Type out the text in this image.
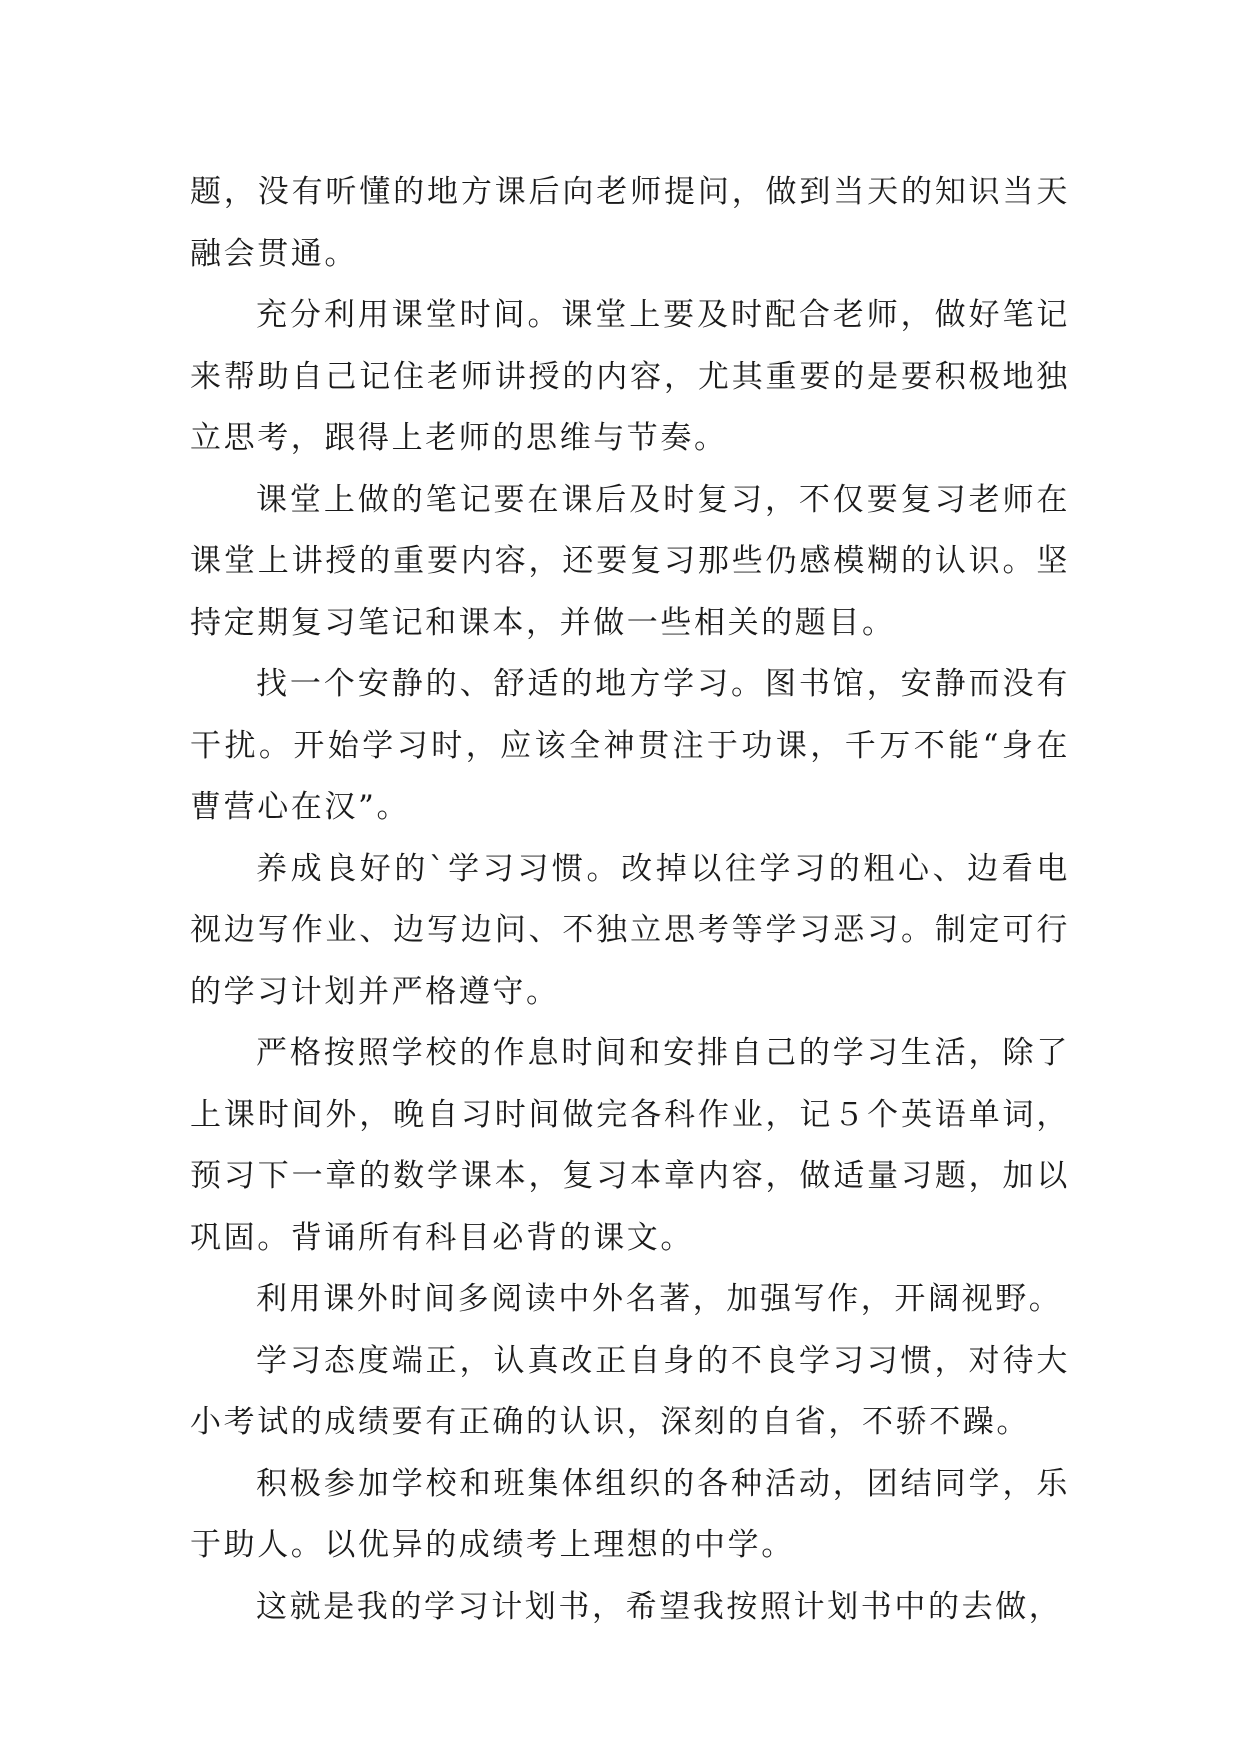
题，没有听懂的地方课后向老师提问，做到当天的知识当天融会贯通。

充分利用课堂时间。课堂上要及时配合老师，做好笔记来帮助自己记住老师讲授的内容，尤其重要的是要积极地独立思考，跟得上老师的思维与节奏。

课堂上做的笔记要在课后及时复习，不仅要复习老师在课堂上讲授的重要内容，还要复习那些仍感模糊的认识。坚持定期复习笔记和课本，并做一些相关的题目。

找一个安静的、舒适的地方学习。图书馆，安静而没有干扰。开始学习时，应该全神贯注于功课，千万不能“身在曹营心在汉”。

养成良好的`学习习惯。改掉以往学习的粗心、边看电视边写作业、边写边问、不独立思考等学习恶习。制定可行的学习计划并严格遵守。

严格按照学校的作息时间和安排自己的学习生活，除了上课时间外，晚自习时间做完各科作业，记５个英语单词，预习下一章的数学课本，复习本章内容，做适量习题，加以巩固。背诵所有科目必背的课文。

利用课外时间多阅读中外名著，加强写作，开阔视野。

学习态度端正，认真改正自身的不良学习习惯，对待大小考试的成绩要有正确的认识，深刻的自省，不骄不躁。

积极参加学校和班集体组织的各种活动，团结同学，乐于助人。以优异的成绩考上理想的中学。

这就是我的学习计划书，希望我按照计划书中的去做，
